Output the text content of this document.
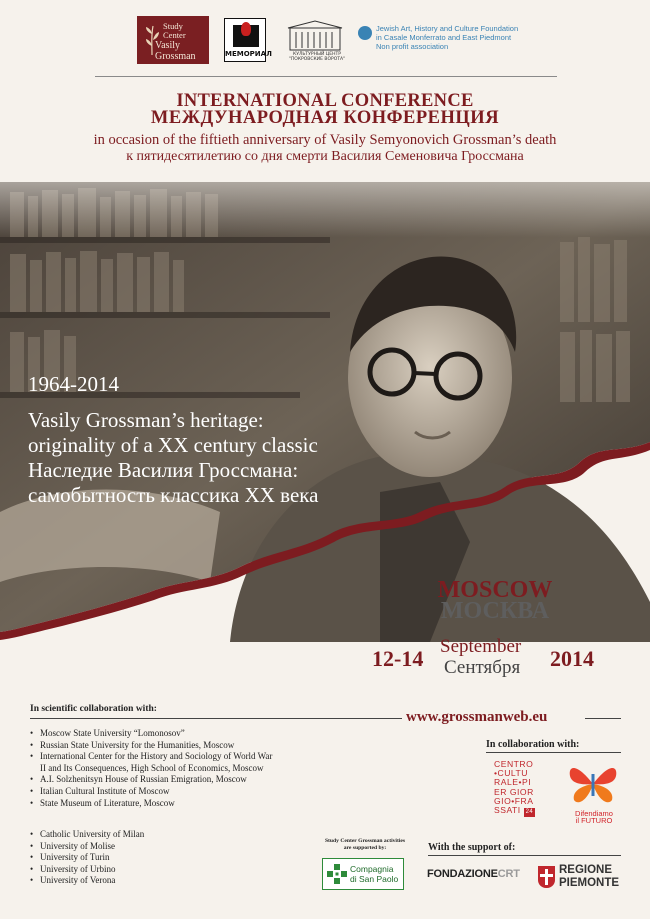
Study
Center
Vasily
Grossman	МЕМОРИАЛ	КУЛЬТУРНЫЙ ЦЕНТР "ПОКРОВСКИЕ ВОРОТА"
Jewish Art, History and Culture Foundation
in Casale Monferrato and East Piedmont
Non profit association
INTERNATIONAL CONFERENCE
МЕЖДУНАРОДНАЯ КОНФЕРЕНЦИЯ
in occasion of the fiftieth anniversary of Vasily Semyonovich Grossman’s death
к пятидесятилетию со дня смерти Василия Семеновича Гроссмана
1964-2014
Vasily Grossman’s heritage:
originality of a XX century classic
Наследие Василия Гроссмана:
самобытность классика XX века
MOSCOW
МОСКВА
12-14 September
Сентября 2014
In scientific collaboration with:	www.grossmanweb.eu
• Moscow State University “Lomonosov”
• Russian State University for the Humanities, Moscow
• International Center for the History and Sociology of World War
II and Its Consequences, High School of Economics, Moscow
• A.I. Solzhenitsyn House of Russian Emigration, Moscow
• Italian Cultural Institute of Moscow
• State Museum of Literature, Moscow
• Catholic University of Milan
• University of Molise
• University of Turin
• University of Urbino
• University of Verona
In collaboration with:
CENTRO
•CULTU
RALE•PI
ER GIOR
GIO•FRA
SSATI 24	Difendiamo
il FUTURO
Study Center Grossman activities are supported by:
Compagnia
di San Paolo
With the support of:
FONDAZIONECRT	REGIONE
PIEMONTE
